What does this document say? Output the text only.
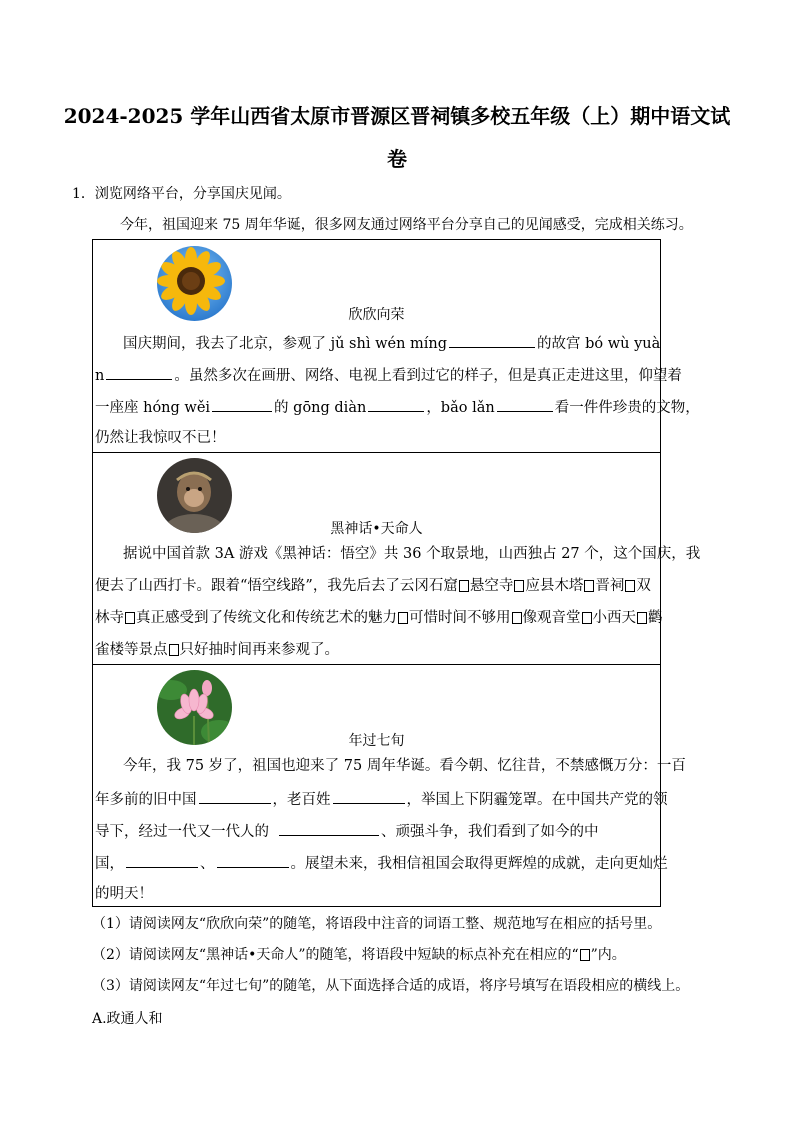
2024-2025 学年山西省太原市晋源区晋祠镇多校五年级（上）期中语文试
卷
1．浏览网络平台，分享国庆见闻。
今年，祖国迎来 75 周年华诞，很多网友通过网络平台分享自己的见闻感受，完成相关练习。
欣欣向荣
国庆期间，我去了北京，参观了 jǔ shì wén míng	的故宫 bó wù yuà
n	。虽然多次在画册、网络、电视上看到过它的样子，但是真正走进这里，仰望着
一座座 hóng wěi	的 gōng diàn	，bǎo lǎn	看一件件珍贵的文物，
仍然让我惊叹不已！
黑神话•天命人
据说中国首款 3A 游戏《黑神话：悟空》共 36 个取景地，山西独占 27 个，这个国庆，我
便去了山西打卡。跟着“悟空线路”，我先后去了云冈石窟 悬空寺 应县木塔 晋祠 双
林寺 真正感受到了传统文化和传统艺术的魅力 可惜时间不够用 像观音堂 小西天 鹳
雀楼等景点 只好抽时间再来参观了。
年过七旬
今年，我 75 岁了，祖国也迎来了 75 周年华诞。看今朝、忆往昔，不禁感慨万分：一百
年多前的旧中国	，老百姓	，举国上下阴霾笼罩。在中国共产党的领
导下，经过一代又一代人的	、顽强斗争，我们看到了如今的中
国，	、	。展望未来，我相信祖国会取得更辉煌的成就，走向更灿烂
的明天！
（1）请阅读网友“欣欣向荣”的随笔，将语段中注音的词语工整、规范地写在相应的括号里。
（2）请阅读网友“黑神话•天命人”的随笔，将语段中短缺的标点补充在相应的“ ”内。
（3）请阅读网友“年过七旬”的随笔，从下面选择合适的成语，将序号填写在语段相应的横线上。
A.政通人和
